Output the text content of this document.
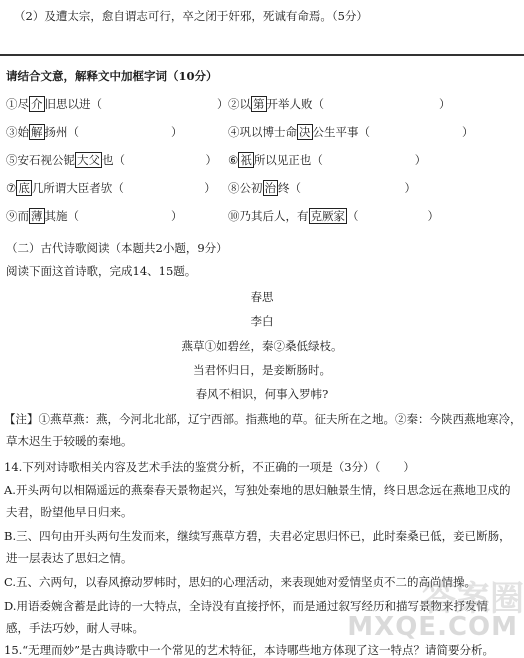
（2）及遭太宗，愈自谓志可行，卒之闭于奸邪，死诚有命焉。（5分）
请结合文意，解释文中加框字词（10分）
①尽 介 旧思以进（　　　　　　　　　　） ②以 第 开举人败（　　　　　　　　　　）
③始 解 扬州（　　　　　　　　）	④巩以博士命 决 公生平事（　　　　　　　　）
⑤安石视公铌 大父 也（　　　　　　　） ⑥ 祇 所以见正也（　　　　　　　　）
⑦ 底 几所谓大臣者欤（　　　　　　　） ⑧公初 治 终（　　　　　　　　　）
⑨而 薄 其施（　　　　　　　　）	⑩乃其后人，有 克厥家 （　　　　　　）
（二）古代诗歌阅读（本题共2小题，9分）
阅读下面这首诗歌，完成14、15题。
春思
李白
燕草①如碧丝，秦②桑低绿枝。
当君怀归日，是妾断肠时。
春风不相识，何事入罗帏?
【注】①燕草燕：燕，今河北北部，辽宁西部。指燕地的草。征夫所在之地。②秦：今陕西燕地寒冷，
草木迟生于较暖的秦地。
14.下列对诗歌相关内容及艺术手法的鉴赏分析，不正确的一项是（3分）（　　）
A.开头两句以相隔遥远的燕秦春天景物起兴，写独处秦地的思妇触景生情，终日思念远在燕地卫戍的
夫君，盼望他早日归来。
B.三、四句由开头两句生发而来，继续写燕草方碧，夫君必定思归怀已，此时秦桑已低，妾已断肠，
进一层表达了思妇之情。
C.五、六两句，以春风撩动罗帏时，思妇的心理活动，来表现她对爱情坚贞不二的高尚情操。
D.用语委婉含蓄是此诗的一大特点，全诗没有直接抒怀，而是通过叙写经历和描写景物来抒发情
感，手法巧妙，耐人寻味。
15.“无理而妙”是古典诗歌中一个常见的艺术特征，本诗哪些地方体现了这一特点？请简要分析。
答案圈
MXQE.COM
